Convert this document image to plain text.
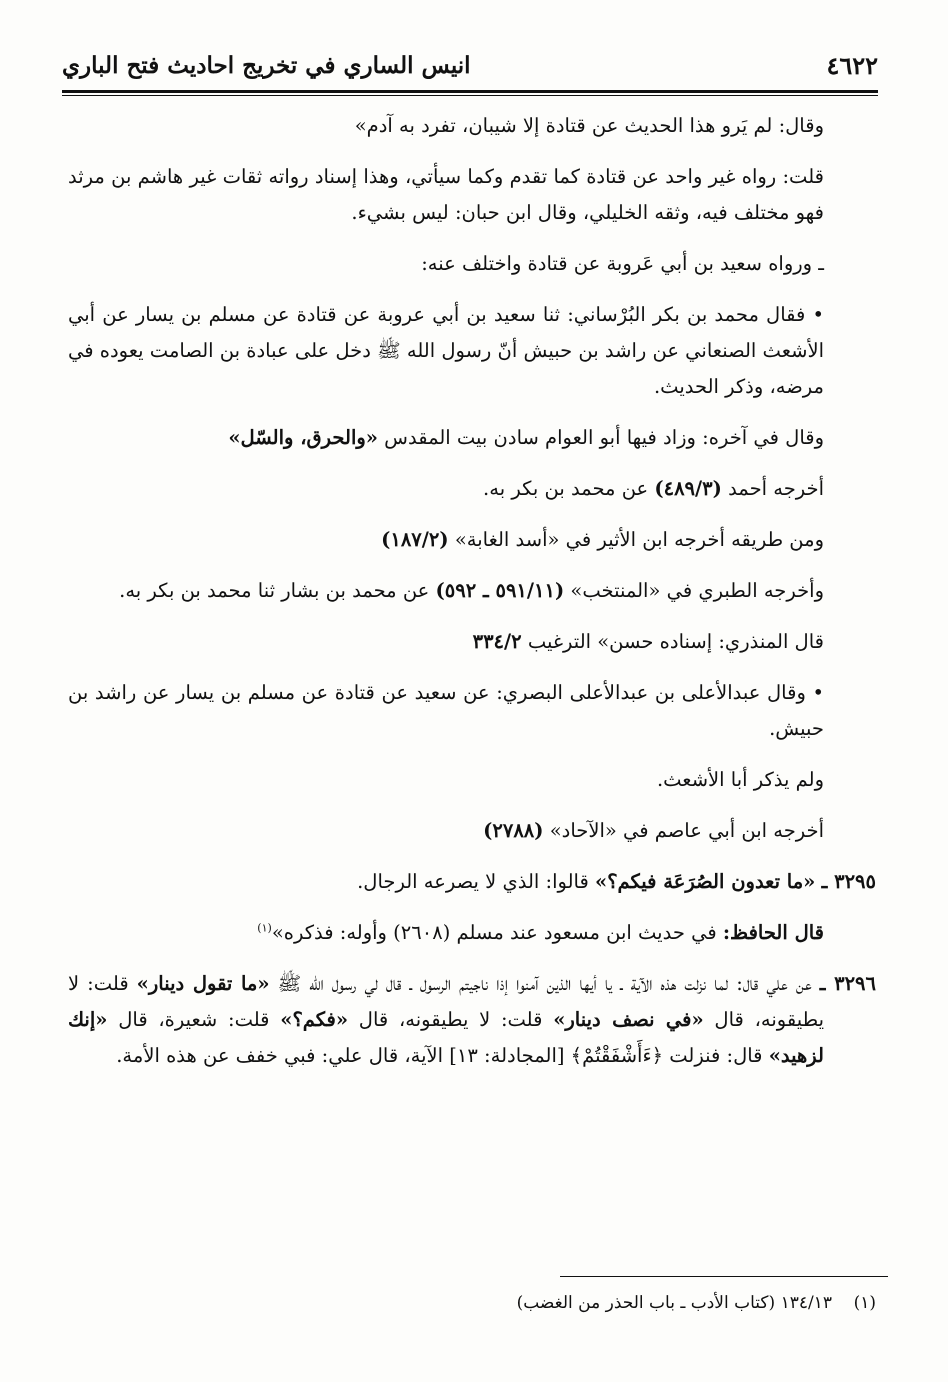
٤٦٢٢
انيس الساري في تخريج احاديث فتح الباري

وقال: لم يَرو هذا الحديث عن قتادة إلا شيبان، تفرد به آدم»

قلت: رواه غير واحد عن قتادة كما تقدم وكما سيأتي، وهذا إسناد رواته ثقات غير هاشم بن مرثد فهو مختلف فيه، وثقه الخليلي، وقال ابن حبان: ليس بشيء.

ـ ورواه سعيد بن أبي عَروبة عن قتادة واختلف عنه:

• فقال محمد بن بكر البُرْساني: ثنا سعيد بن أبي عروبة عن قتادة عن مسلم بن يسار عن أبي الأشعث الصنعاني عن راشد بن حبيش أنّ رسول الله ﷺ دخل على عبادة بن الصامت يعوده في مرضه، وذكر الحديث.

وقال في آخره: وزاد فيها أبو العوام سادن بيت المقدس «والحرق، والسّل»

أخرجه أحمد (٤٨٩/٣) عن محمد بن بكر به.

ومن طريقه أخرجه ابن الأثير في «أسد الغابة» (١٨٧/٢)

وأخرجه الطبري في «المنتخب» (٥٩١/١١ ـ ٥٩٢) عن محمد بن بشار ثنا محمد بن بكر به.

قال المنذري: إسناده حسن» الترغيب ٣٣٤/٢

• وقال عبدالأعلى بن عبدالأعلى البصري: عن سعيد عن قتادة عن مسلم بن يسار عن راشد بن حبيش.

ولم يذكر أبا الأشعث.

أخرجه ابن أبي عاصم في «الآحاد» (٢٧٨٨)

٣٢٩٥ ـ «ما تعدون الصُرَعَة فيكم؟» قالوا: الذي لا يصرعه الرجال.

قال الحافظ: في حديث ابن مسعود عند مسلم (٢٦٠٨) وأوله: فذكره»$^{(١)}$

٣٢٩٦ ـ عن علي قال: لما نزلت هذه الآية ـ يا أيها الذين آمنوا إذا ناجيتم الرسول ـ قال لي رسول الله ﷺ «ما تقول دينار» قلت: لا يطيقونه، قال «في نصف دينار» قلت: لا يطيقونه، قال «فكم؟» قلت: شعيرة، قال «إنك لزهيد» قال: فنزلت ﴿ءَأَشْفَقْتُمْ﴾ [المجادلة: ١٣] الآية، قال علي: فبي خفف عن هذه الأمة.

(١)    ١٣٤/١٣ (كتاب الأدب ـ باب الحذر من الغضب)
